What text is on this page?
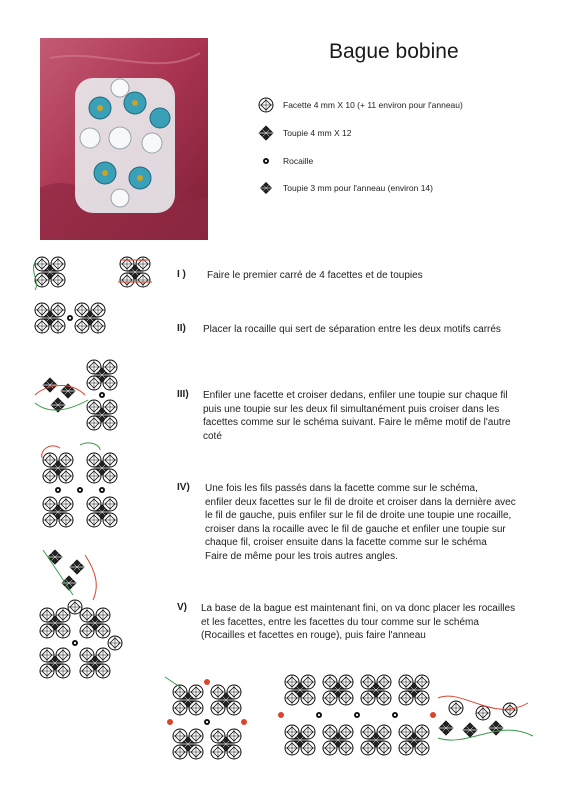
Bague bobine
Facette 4 mm X 10 (+ 11 environ pour l'anneau)
Toupie 4 mm X 12
Rocaille
Toupie 3 mm pour l'anneau (environ 14)
I ) Faire le premier carré de 4 facettes et de toupies
II) Placer la rocaille qui sert de séparation entre les deux motifs carrés
III) Enfiler une facette et croiser dedans, enfiler une toupie sur chaque fil
puis une toupie sur les deux fil simultanément puis croiser dans les
facettes comme sur le schéma suivant. Faire le même motif de l'autre
coté
IV) Une fois les fils passés dans la facette comme sur le schéma,
enfiler deux facettes sur le fil de droite et croiser dans la dernière avec
le fil de gauche, puis enfiler sur le fil de droite une toupie une rocaille,
croiser dans la rocaille avec le fil de gauche et enfiler une toupie sur
chaque fil, croiser ensuite dans la facette comme sur le schéma
Faire de même pour les trois autres angles.
V) La base de la bague est maintenant fini, on va donc placer les rocailles
et les facettes, entre les facettes du tour comme sur le schéma
(Rocailles et facettes en rouge), puis faire l'anneau
